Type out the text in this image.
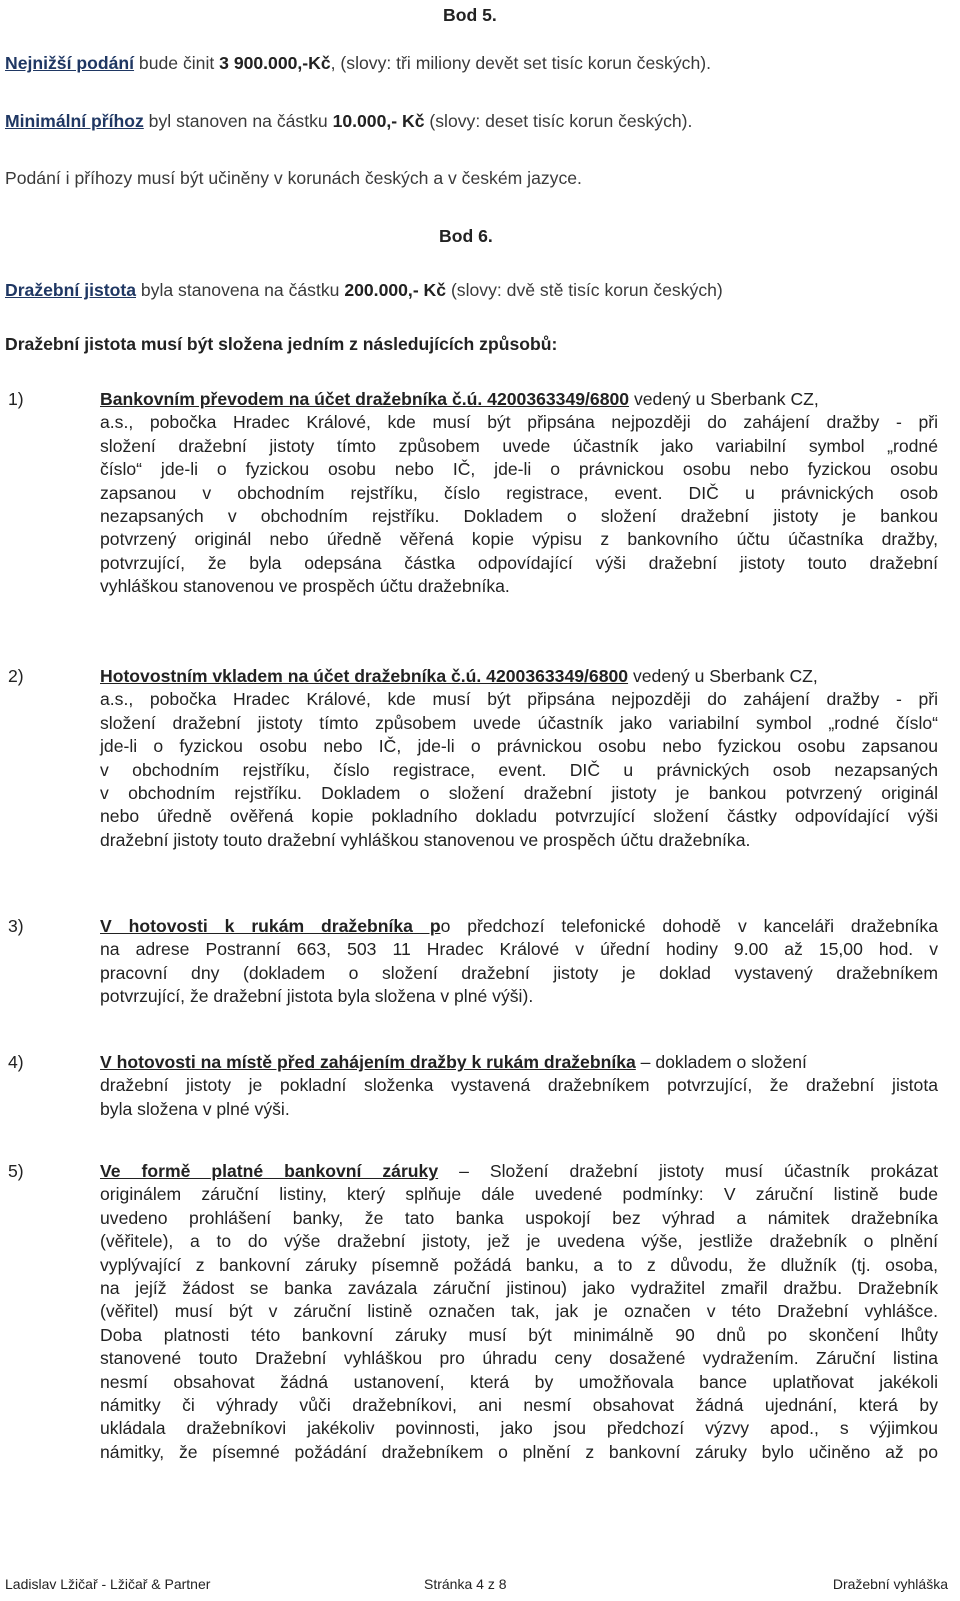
Bod 5.
Nejnižší podání bude činit 3 900.000,-Kč, (slovy: tři miliony devět set tisíc korun českých).
Minimální příhoz byl stanoven na částku 10.000,- Kč (slovy: deset tisíc korun českých).
Podání i příhozy musí být učiněny v korunách českých a v českém jazyce.
Bod 6.
Dražební jistota byla stanovena na částku 200.000,- Kč (slovy: dvě stě tisíc korun českých)
Dražební jistota musí být složena jedním z následujících způsobů:
1)	Bankovním převodem na účet dražebníka č.ú. 4200363349/6800 vedený u Sberbank CZ,

a.s., pobočka Hradec Králové, kde musí být připsána nejpozději do zahájení dražby - při

složení dražební jistoty tímto způsobem uvede účastník jako variabilní symbol „rodné

číslo“ jde-li o fyzickou osobu nebo IČ, jde-li o právnickou osobu nebo fyzickou osobu

zapsanou v obchodním rejstříku, číslo registrace, event. DIČ u právnických osob

nezapsaných v obchodním rejstříku. Dokladem o složení dražební jistoty je bankou

potvrzený originál nebo úředně věřená kopie výpisu z bankovního účtu účastníka dražby,

potvrzující, že byla odepsána částka odpovídající výši dražební jistoty touto dražební

vyhláškou stanovenou ve prospěch účtu dražebníka.

2)	Hotovostním vkladem na účet dražebníka č.ú. 4200363349/6800 vedený u Sberbank CZ,

a.s., pobočka Hradec Králové, kde musí být připsána nejpozději do zahájení dražby - při

složení dražební jistoty tímto způsobem uvede účastník jako variabilní symbol „rodné číslo“

jde-li o fyzickou osobu nebo IČ, jde-li o právnickou osobu nebo fyzickou osobu zapsanou

v obchodním rejstříku, číslo registrace, event. DIČ u právnických osob nezapsaných

v obchodním rejstříku. Dokladem o složení dražební jistoty je bankou potvrzený originál

nebo úředně ověřená kopie pokladního dokladu potvrzující složení částky odpovídající výši

dražební jistoty touto dražební vyhláškou stanovenou ve prospěch účtu dražebníka.

3)	V hotovosti k rukám dražebníka po předchozí telefonické dohodě v kanceláři dražebníka

na adrese Postranní 663, 503 11 Hradec Králové v úřední hodiny 9.00 až 15,00 hod. v

pracovní dny (dokladem o složení dražební jistoty je doklad vystavený dražebníkem

potvrzující, že dražební jistota byla složena v plné výši).

4)	V hotovosti na místě před zahájením dražby k rukám dražebníka – dokladem o složení

dražební jistoty je pokladní složenka vystavená dražebníkem potvrzující, že dražební jistota

byla složena v plné výši.

5)	Ve formě platné bankovní záruky – Složení dražební jistoty musí účastník prokázat

originálem záruční listiny, který splňuje dále uvedené podmínky: V záruční listině bude

uvedeno prohlášení banky, že tato banka uspokojí bez výhrad a námitek dražebníka

(věřitele), a to do výše dražební jistoty, jež je uvedena výše, jestliže dražebník o plnění

vyplývající z bankovní záruky písemně požádá banku, a to z důvodu, že dlužník (tj. osoba,

na jejíž žádost se banka zavázala záruční jistinou) jako vydražitel zmařil dražbu. Dražebník

(věřitel) musí být v záruční listině označen tak, jak je označen v této Dražební vyhlášce.

Doba platnosti této bankovní záruky musí být minimálně 90 dnů po skončení lhůty

stanovené touto Dražební vyhláškou pro úhradu ceny dosažené vydražením. Záruční listina

nesmí obsahovat žádná ustanovení, která by umožňovala bance uplatňovat jakékoli

námitky či výhrady vůči dražebníkovi, ani nesmí obsahovat žádná ujednání, která by

ukládala dražebníkovi jakékoliv povinnosti, jako jsou předchozí výzvy apod., s výjimkou

námitky, že písemné požádání dražebníkem o plnění z bankovní záruky bylo učiněno až po

Ladislav Lžičař - Lžičař & Partner	Stránka 4 z 8	Dražební vyhláška
